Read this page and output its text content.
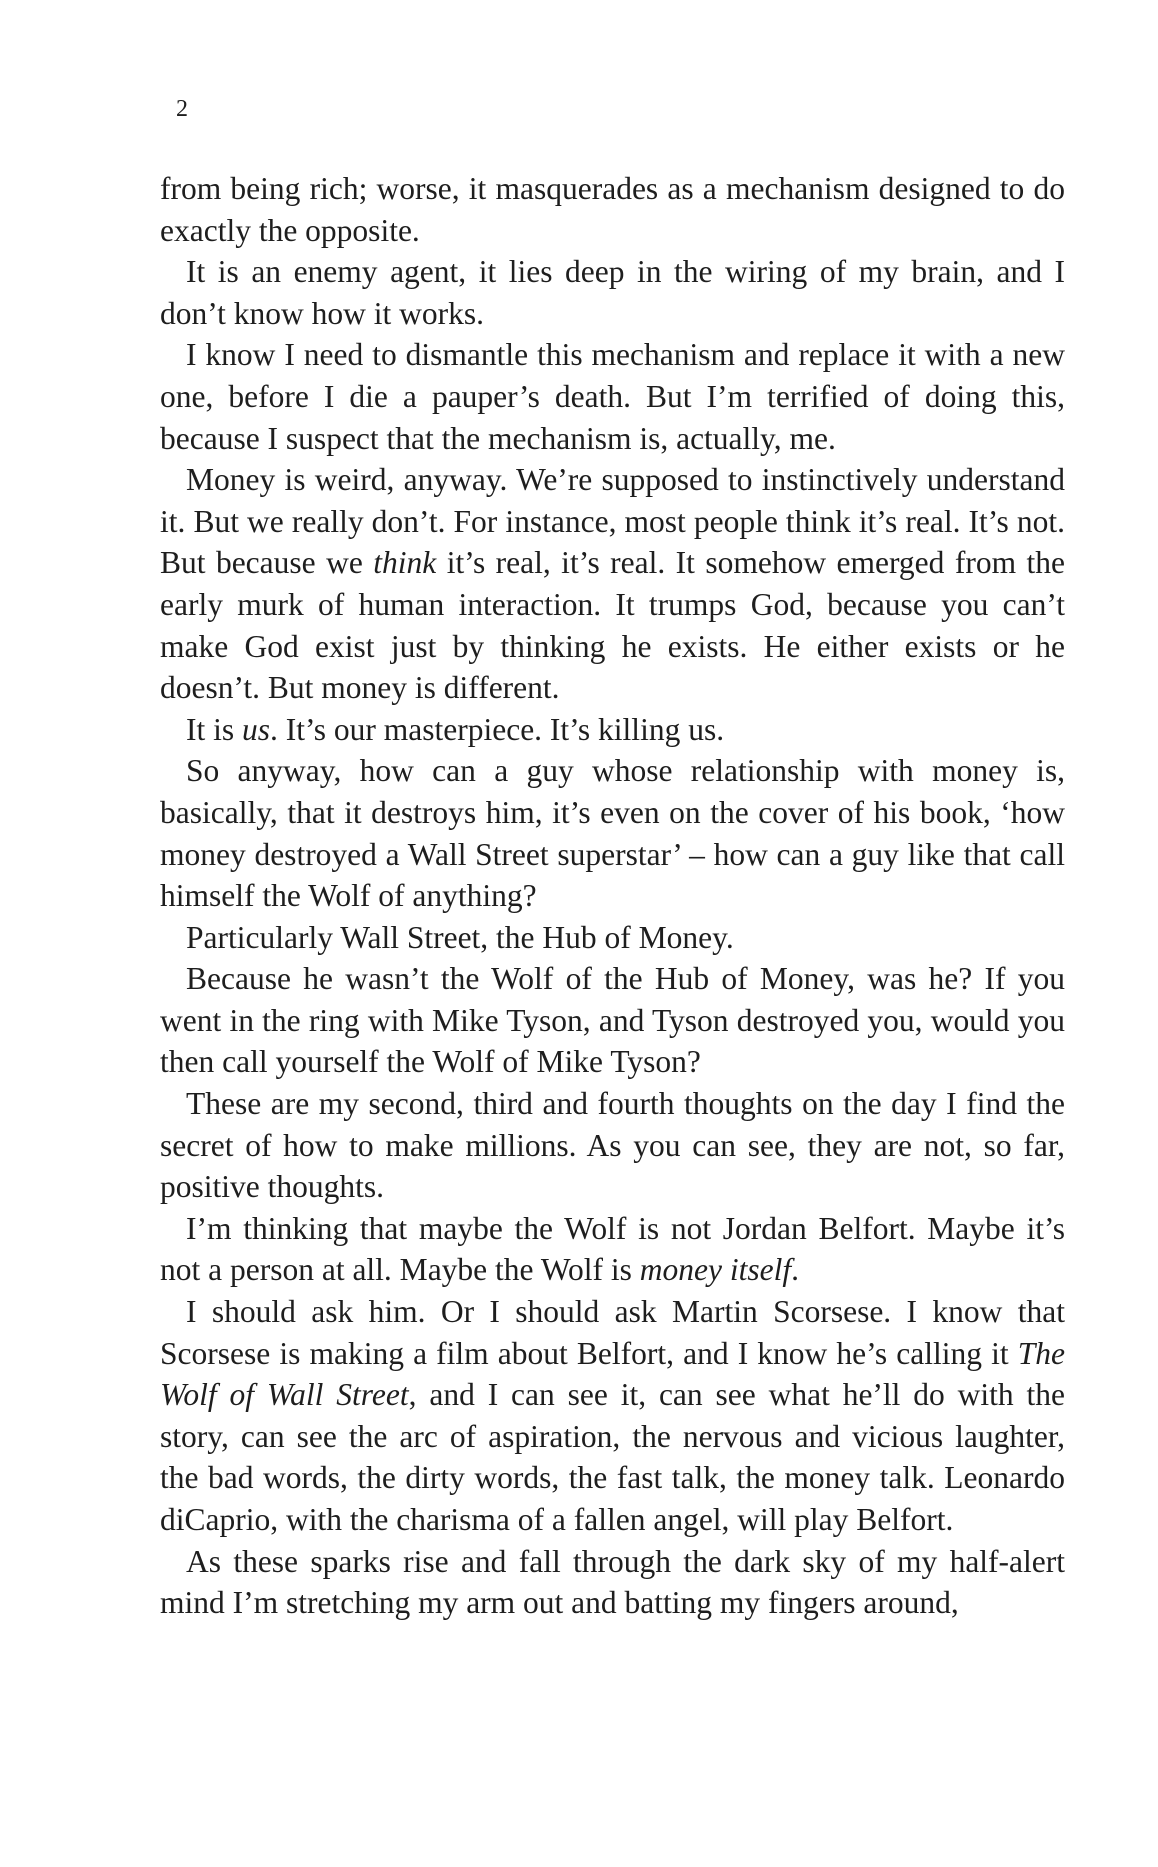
2

from being rich; worse, it masquerades as a mechanism designed to do exactly the opposite.

It is an enemy agent, it lies deep in the wiring of my brain, and I don’t know how it works.

I know I need to dismantle this mechanism and replace it with a new one, before I die a pauper’s death. But I’m terrified of doing this, because I suspect that the mechanism is, actually, me.

Money is weird, anyway. We’re supposed to instinctively understand it. But we really don’t. For instance, most people think it’s real. It’s not. But because we think it’s real, it’s real. It somehow emerged from the early murk of human interaction. It trumps God, because you can’t make God exist just by thinking he exists. He either exists or he doesn’t. But money is different.

It is us. It’s our masterpiece. It’s killing us.

So anyway, how can a guy whose relationship with money is, basically, that it destroys him, it’s even on the cover of his book, ‘how money destroyed a Wall Street superstar’ – how can a guy like that call himself the Wolf of anything?

Particularly Wall Street, the Hub of Money.

Because he wasn’t the Wolf of the Hub of Money, was he? If you went in the ring with Mike Tyson, and Tyson destroyed you, would you then call yourself the Wolf of Mike Tyson?

These are my second, third and fourth thoughts on the day I find the secret of how to make millions. As you can see, they are not, so far, positive thoughts.

I’m thinking that maybe the Wolf is not Jordan Belfort. Maybe it’s not a person at all. Maybe the Wolf is money itself.

I should ask him. Or I should ask Martin Scorsese. I know that Scorsese is making a film about Belfort, and I know he’s calling it The Wolf of Wall Street, and I can see it, can see what he’ll do with the story, can see the arc of aspiration, the nervous and vicious laughter, the bad words, the dirty words, the fast talk, the money talk. Leonardo diCaprio, with the charisma of a fallen angel, will play Belfort.

As these sparks rise and fall through the dark sky of my half-alert mind I’m stretching my arm out and batting my fingers around,
